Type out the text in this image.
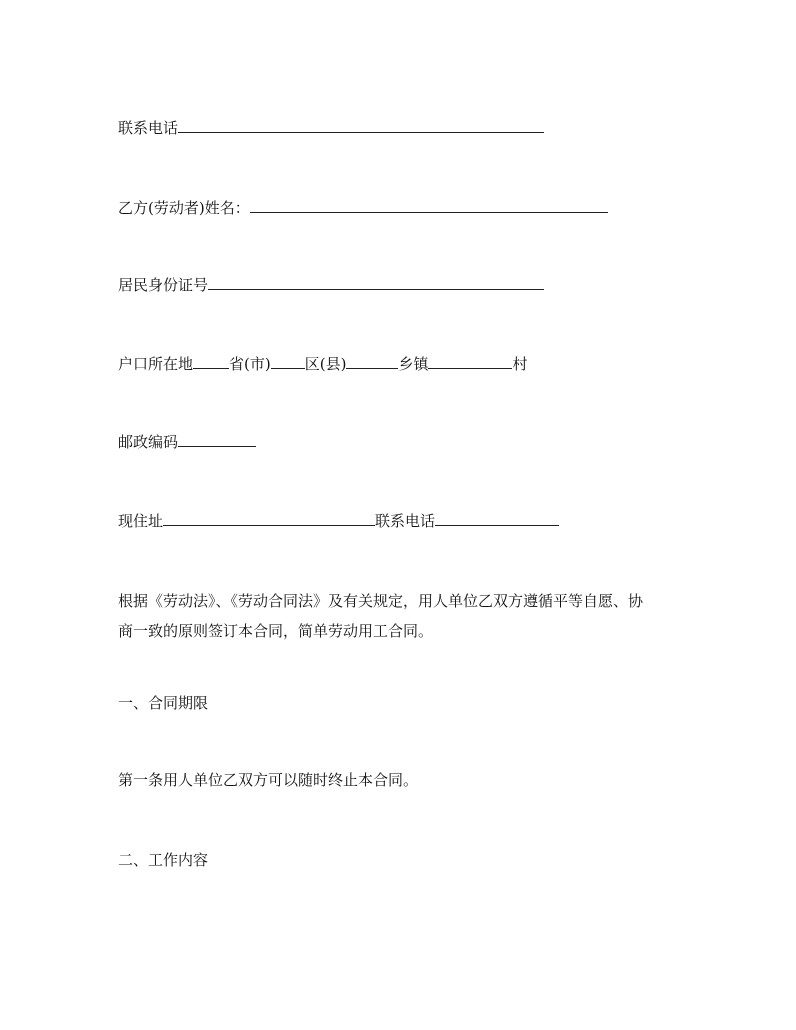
联系电话
乙方(劳动者)姓名：
居民身份证号
户口所在地 省(市) 区(县)	乡镇	村
邮政编码
现住址	联系电话
根据《劳动法》、《劳动合同法》及有关规定，用人单位乙双方遵循平等自愿、协
商一致的原则签订本合同，简单劳动用工合同。
一、合同期限
第一条用人单位乙双方可以随时终止本合同。
二、工作内容
